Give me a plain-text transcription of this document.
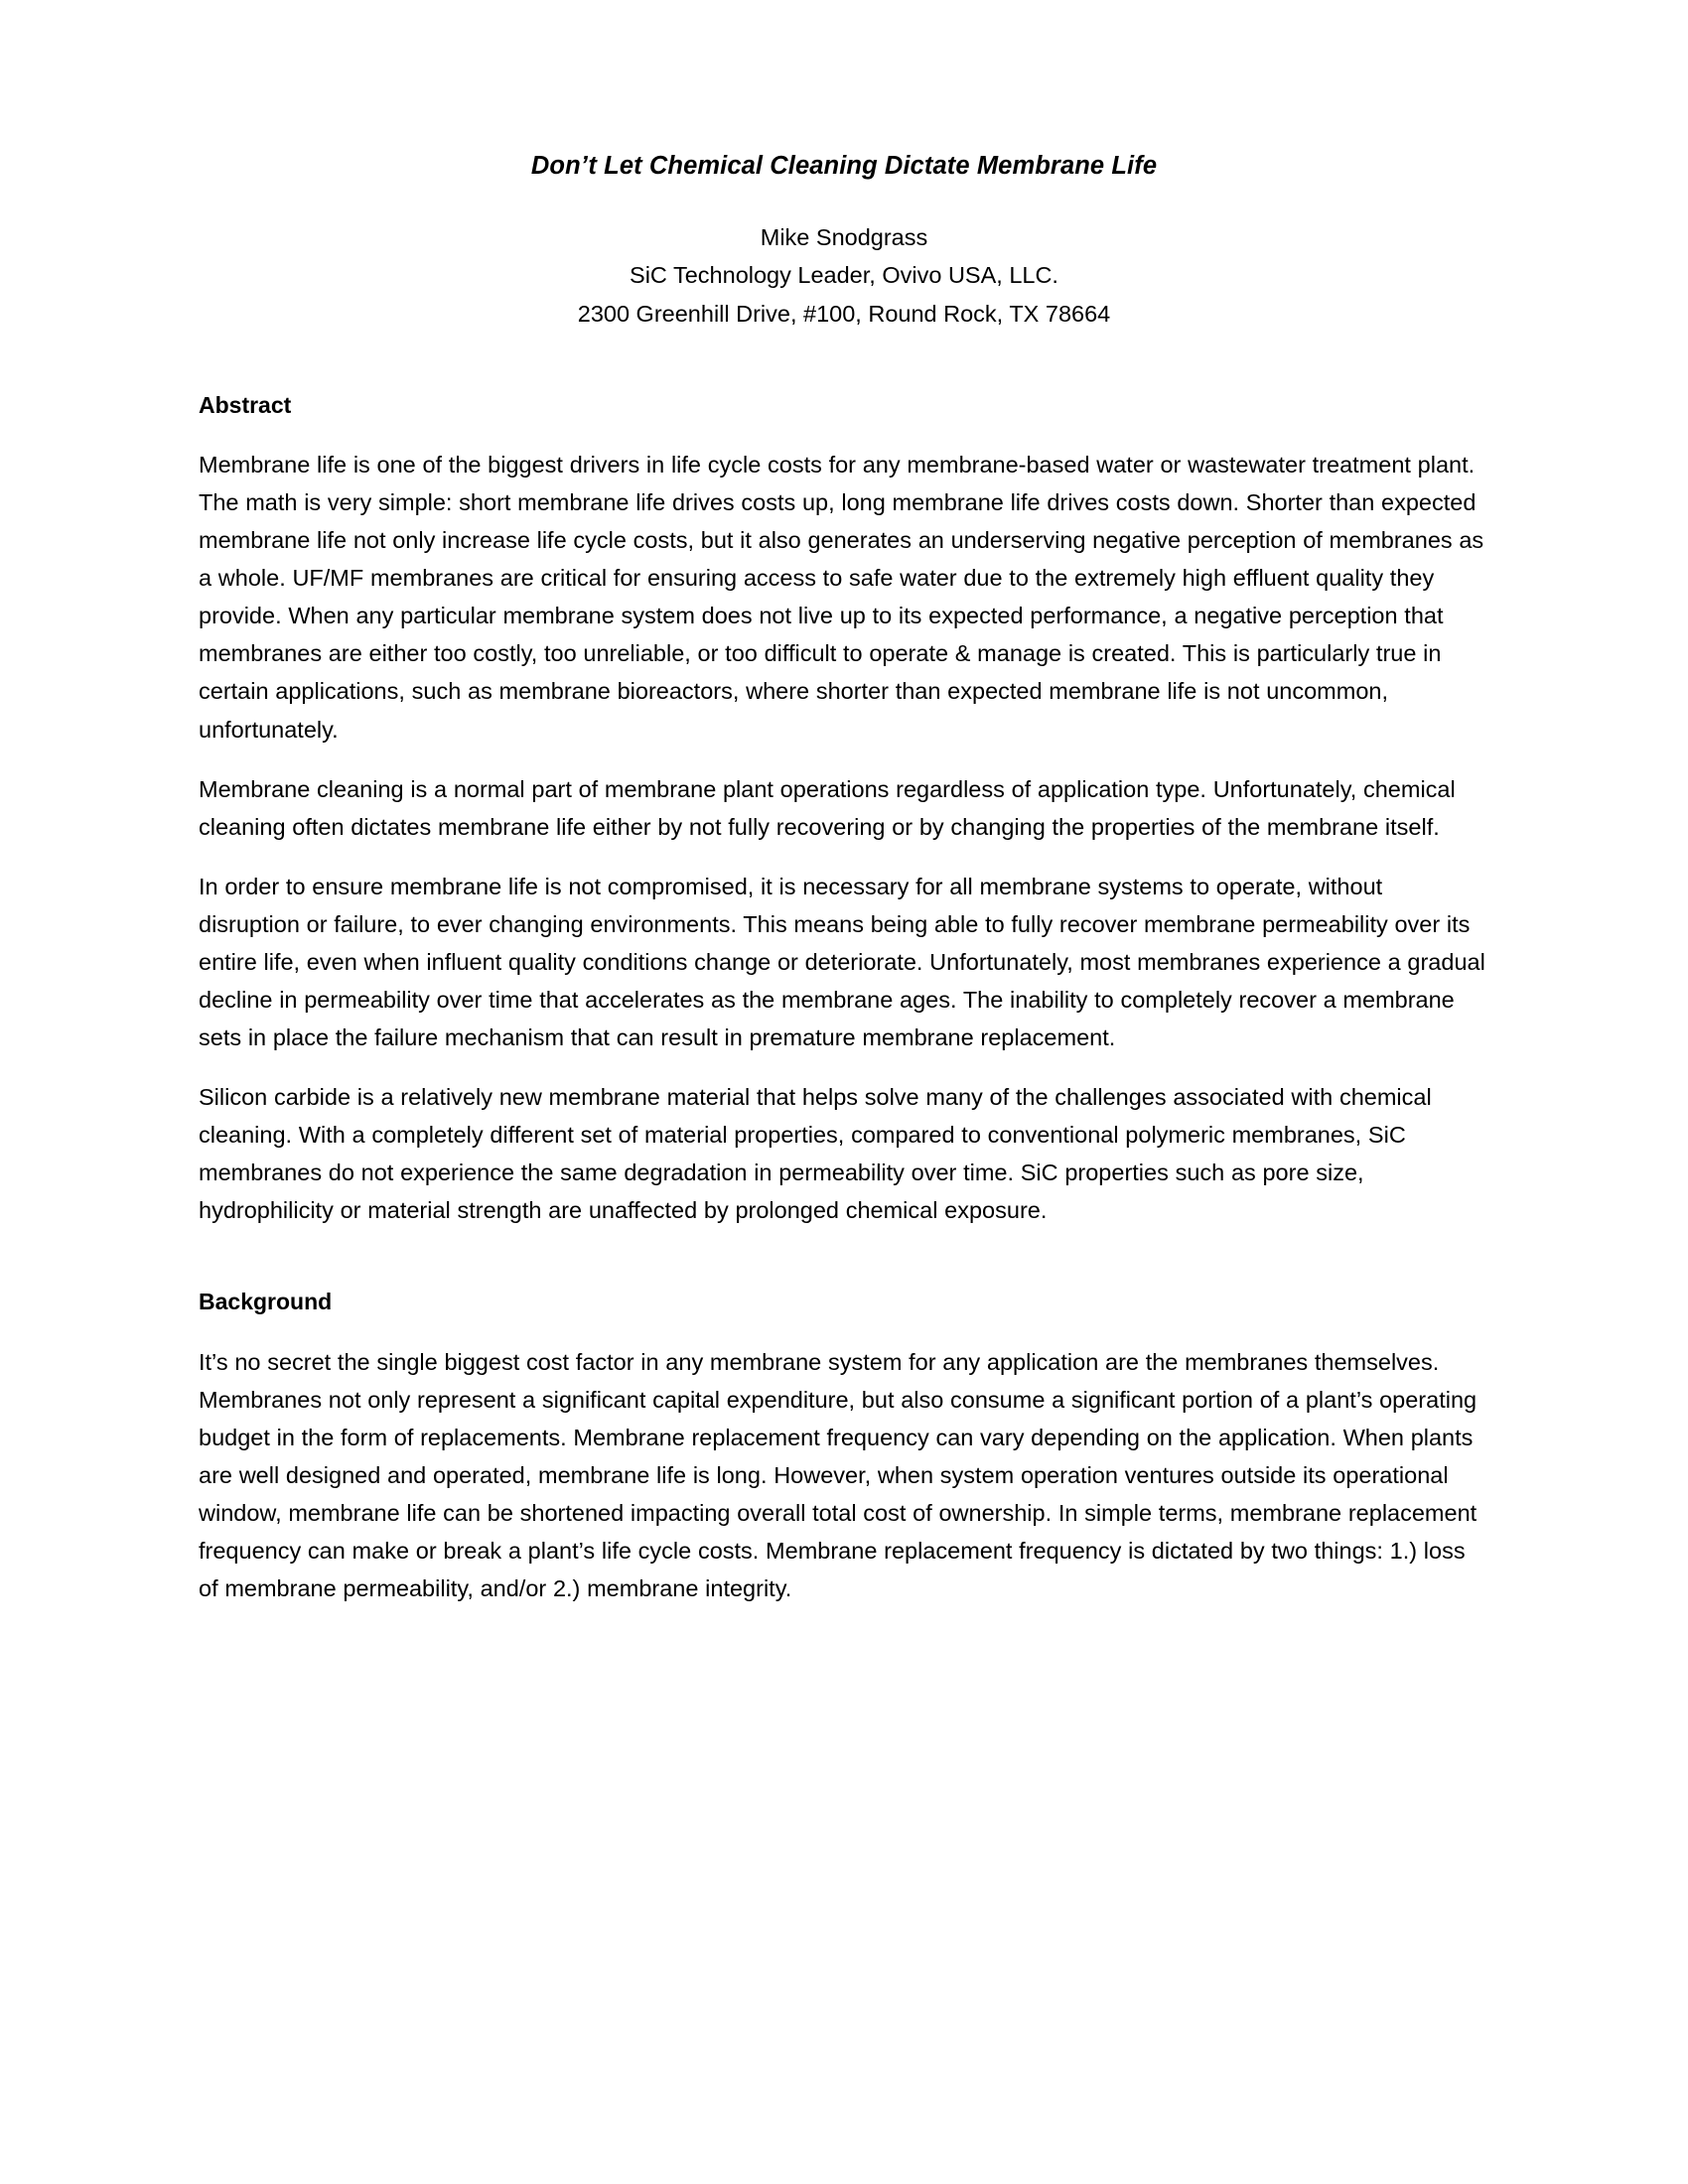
Don’t Let Chemical Cleaning Dictate Membrane Life
Mike Snodgrass
SiC Technology Leader, Ovivo USA, LLC.
2300 Greenhill Drive, #100, Round Rock, TX 78664
Abstract

Membrane life is one of the biggest drivers in life cycle costs for any membrane-based water or wastewater treatment plant. The math is very simple: short membrane life drives costs up, long membrane life drives costs down. Shorter than expected membrane life not only increase life cycle costs, but it also generates an underserving negative perception of membranes as a whole. UF/MF membranes are critical for ensuring access to safe water due to the extremely high effluent quality they provide. When any particular membrane system does not live up to its expected performance, a negative perception that membranes are either too costly, too unreliable, or too difficult to operate & manage is created. This is particularly true in certain applications, such as membrane bioreactors, where shorter than expected membrane life is not uncommon, unfortunately.

Membrane cleaning is a normal part of membrane plant operations regardless of application type. Unfortunately, chemical cleaning often dictates membrane life either by not fully recovering or by changing the properties of the membrane itself.

In order to ensure membrane life is not compromised, it is necessary for all membrane systems to operate, without disruption or failure, to ever changing environments. This means being able to fully recover membrane permeability over its entire life, even when influent quality conditions change or deteriorate. Unfortunately, most membranes experience a gradual decline in permeability over time that accelerates as the membrane ages. The inability to completely recover a membrane sets in place the failure mechanism that can result in premature membrane replacement.

Silicon carbide is a relatively new membrane material that helps solve many of the challenges associated with chemical cleaning. With a completely different set of material properties, compared to conventional polymeric membranes, SiC membranes do not experience the same degradation in permeability over time. SiC properties such as pore size, hydrophilicity or material strength are unaffected by prolonged chemical exposure.

Background

It’s no secret the single biggest cost factor in any membrane system for any application are the membranes themselves. Membranes not only represent a significant capital expenditure, but also consume a significant portion of a plant’s operating budget in the form of replacements. Membrane replacement frequency can vary depending on the application. When plants are well designed and operated, membrane life is long. However, when system operation ventures outside its operational window, membrane life can be shortened impacting overall total cost of ownership. In simple terms, membrane replacement frequency can make or break a plant’s life cycle costs. Membrane replacement frequency is dictated by two things: 1.) loss of membrane permeability, and/or 2.) membrane integrity.
